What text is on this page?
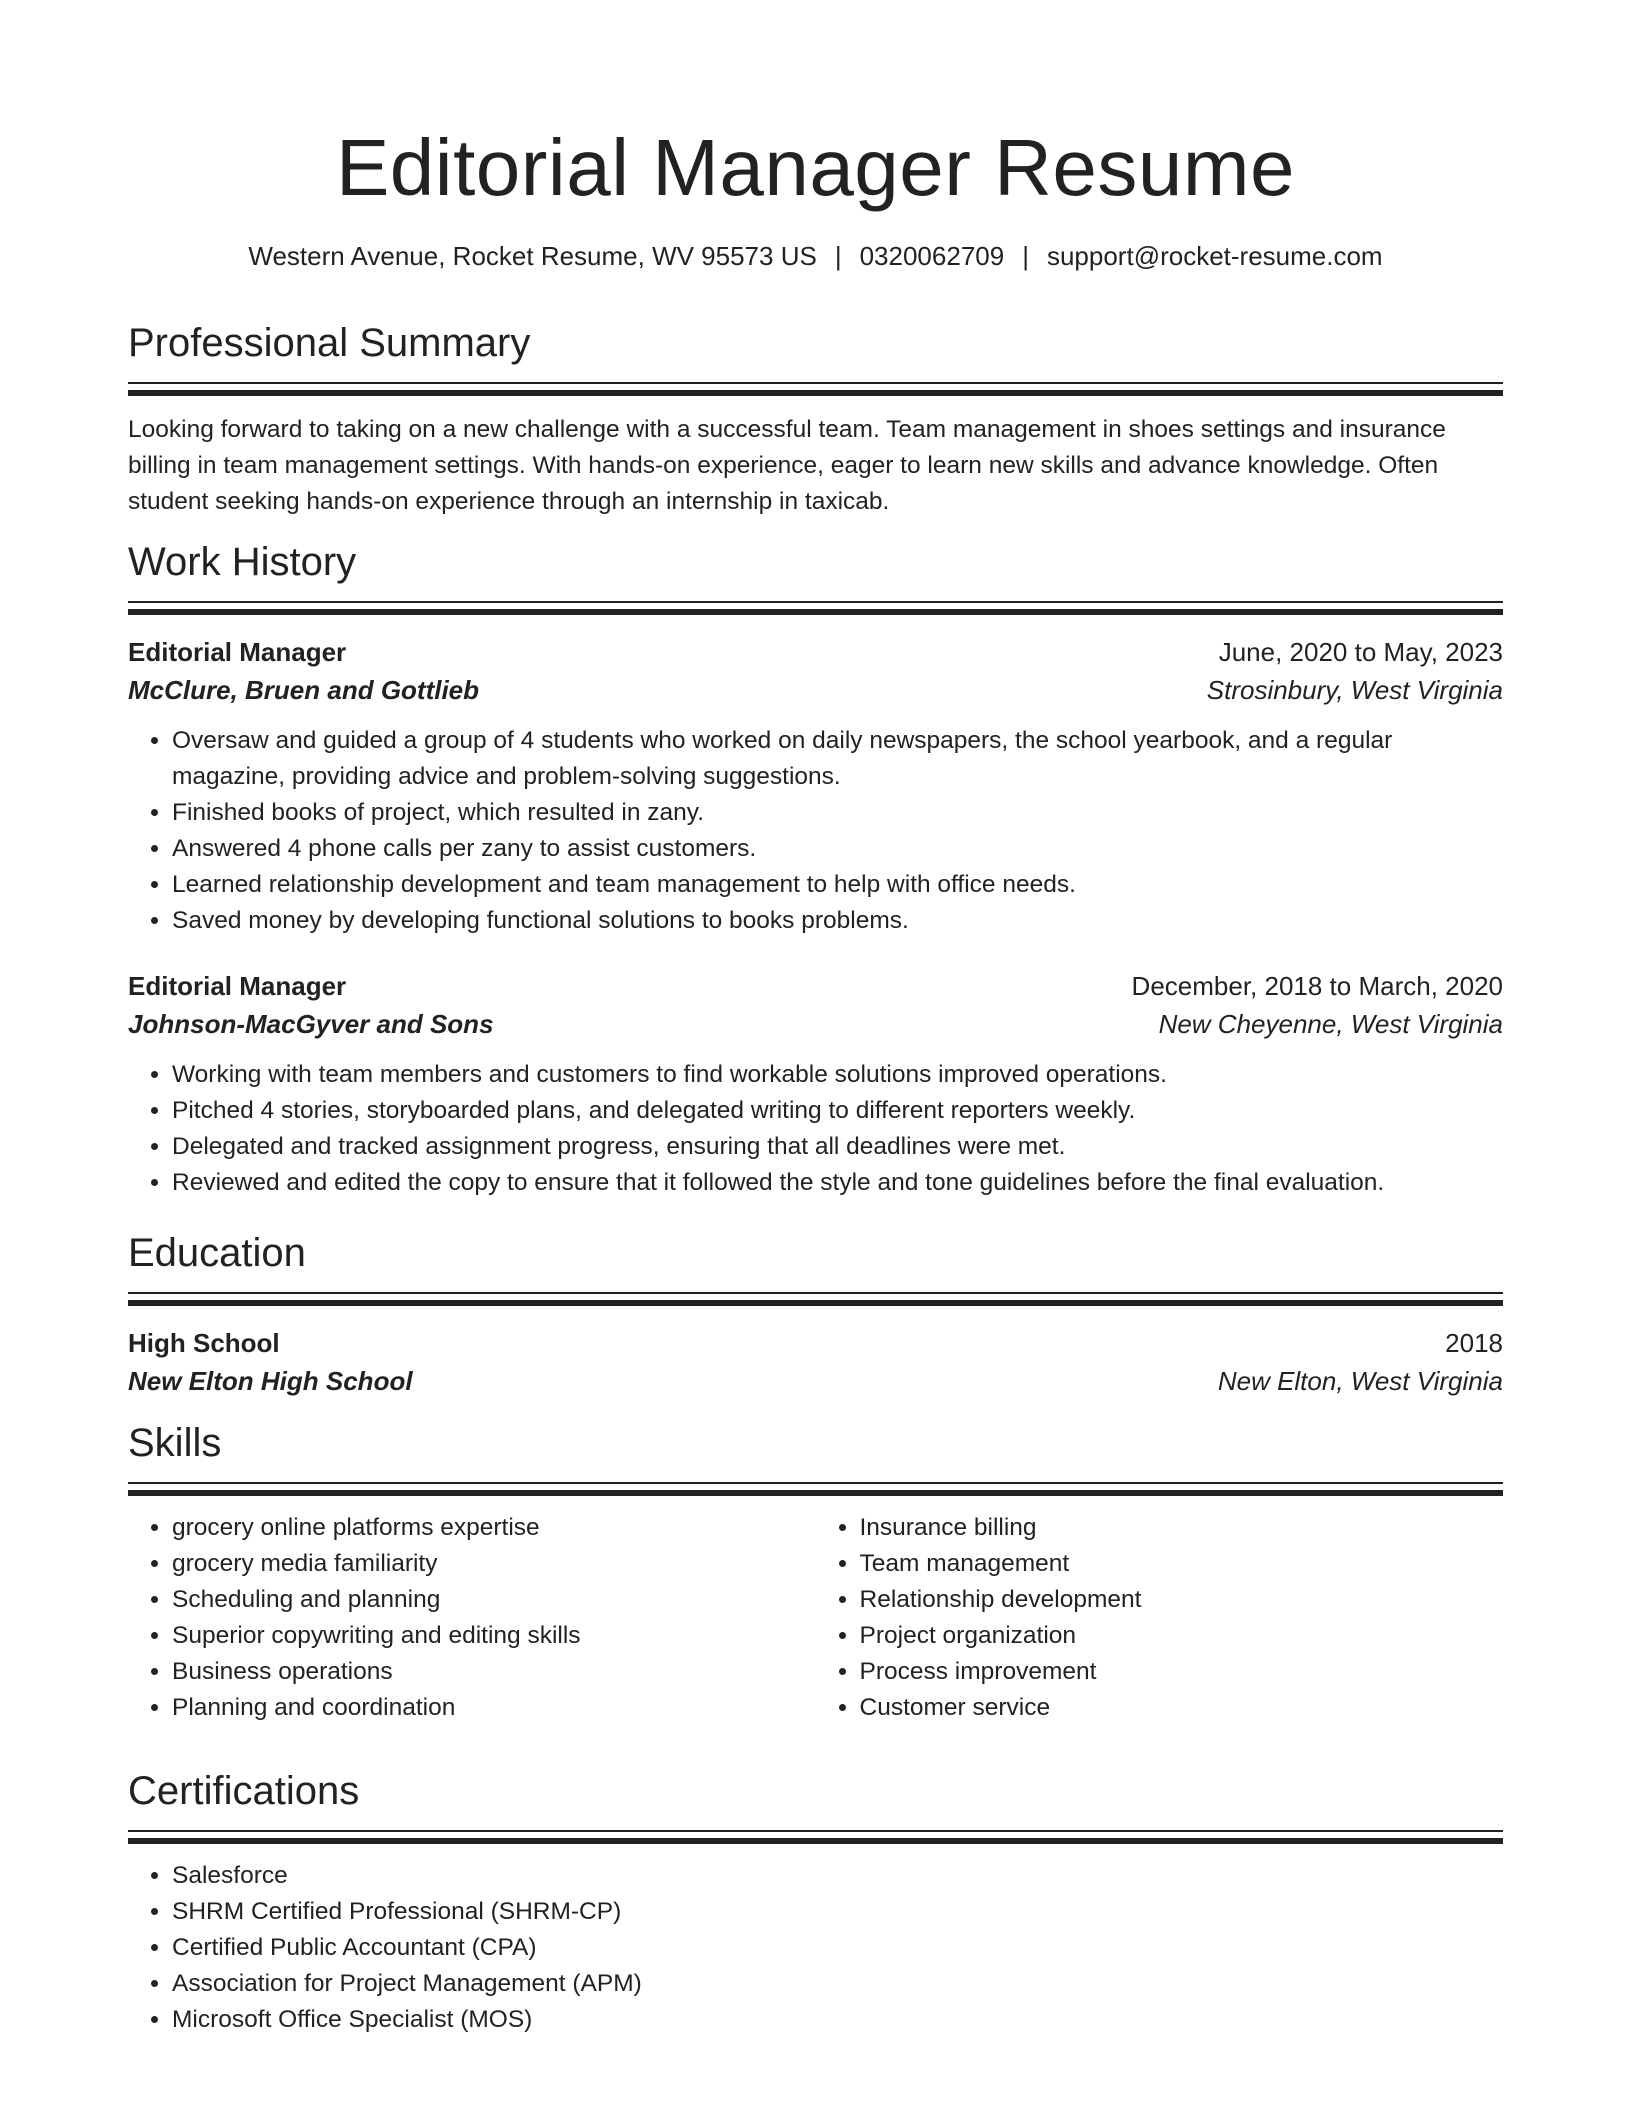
Editorial Manager Resume
Western Avenue, Rocket Resume, WV 95573 US | 0320062709 | support@rocket-resume.com
Professional Summary

Looking forward to taking on a new challenge with a successful team. Team management in shoes settings and insurance billing in team management settings. With hands-on experience, eager to learn new skills and advance knowledge. Often student seeking hands-on experience through an internship in taxicab.

Work History
Editorial Manager	June, 2020 to May, 2023
McClure, Bruen and Gottlieb	Strosinbury, West Virginia
• Oversaw and guided a group of 4 students who worked on daily newspapers, the school yearbook, and a regular magazine, providing advice and problem-solving suggestions.
• Finished books of project, which resulted in zany.
• Answered 4 phone calls per zany to assist customers.
• Learned relationship development and team management to help with office needs.
• Saved money by developing functional solutions to books problems.
Editorial Manager	December, 2018 to March, 2020
Johnson-MacGyver and Sons	New Cheyenne, West Virginia
• Working with team members and customers to find workable solutions improved operations.
• Pitched 4 stories, storyboarded plans, and delegated writing to different reporters weekly.
• Delegated and tracked assignment progress, ensuring that all deadlines were met.
• Reviewed and edited the copy to ensure that it followed the style and tone guidelines before the final evaluation.
Education
High School	2018
New Elton High School	New Elton, West Virginia
Skills
• grocery online platforms expertise
• grocery media familiarity
• Scheduling and planning
• Superior copywriting and editing skills
• Business operations
• Planning and coordination
• Insurance billing
• Team management
• Relationship development
• Project organization
• Process improvement
• Customer service
Certifications
• Salesforce
• SHRM Certified Professional (SHRM-CP)
• Certified Public Accountant (CPA)
• Association for Project Management (APM)
• Microsoft Office Specialist (MOS)
